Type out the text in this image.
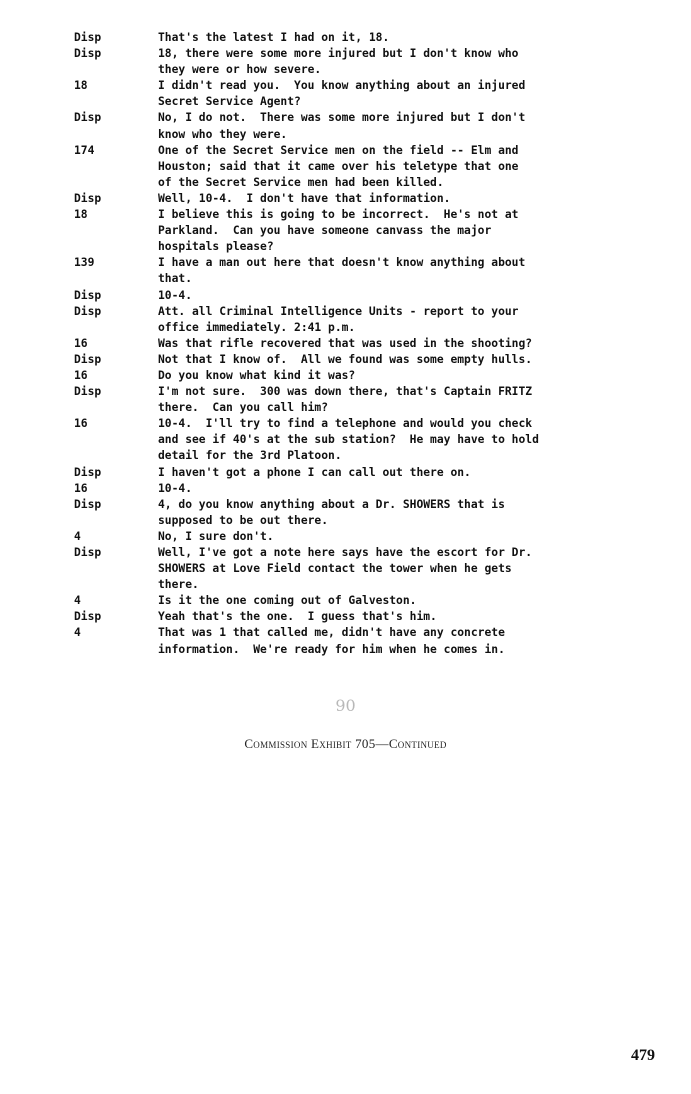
Disp	That's the latest I had on it, 18.
Disp	18, there were some more injured but I don't know who
they were or how severe.
18	I didn't read you.  You know anything about an injured
Secret Service Agent?
Disp	No, I do not.  There was some more injured but I don't
know who they were.
174	One of the Secret Service men on the field -- Elm and
Houston; said that it came over his teletype that one
of the Secret Service men had been killed.
Disp	Well, 10-4.  I don't have that information.
18	I believe this is going to be incorrect.  He's not at
Parkland.  Can you have someone canvass the major
hospitals please?
139	I have a man out here that doesn't know anything about
that.
Disp	10-4.
Disp	Att. all Criminal Intelligence Units - report to your
office immediately. 2:41 p.m.
16	Was that rifle recovered that was used in the shooting?
Disp	Not that I know of.  All we found was some empty hulls.
16	Do you know what kind it was?
Disp	I'm not sure.  300 was down there, that's Captain FRITZ
there.  Can you call him?
16	10-4.  I'll try to find a telephone and would you check
and see if 40's at the sub station?  He may have to hold
detail for the 3rd Platoon.
Disp	I haven't got a phone I can call out there on.
16	10-4.
Disp	4, do you know anything about a Dr. SHOWERS that is
supposed to be out there.
4	No, I sure don't.
Disp	Well, I've got a note here says have the escort for Dr.
SHOWERS at Love Field contact the tower when he gets
there.
4	Is it the one coming out of Galveston.
Disp	Yeah that's the one.  I guess that's him.
4	That was 1 that called me, didn't have any concrete
information.  We're ready for him when he comes in.
90
Commission Exhibit 705—Continued
479
